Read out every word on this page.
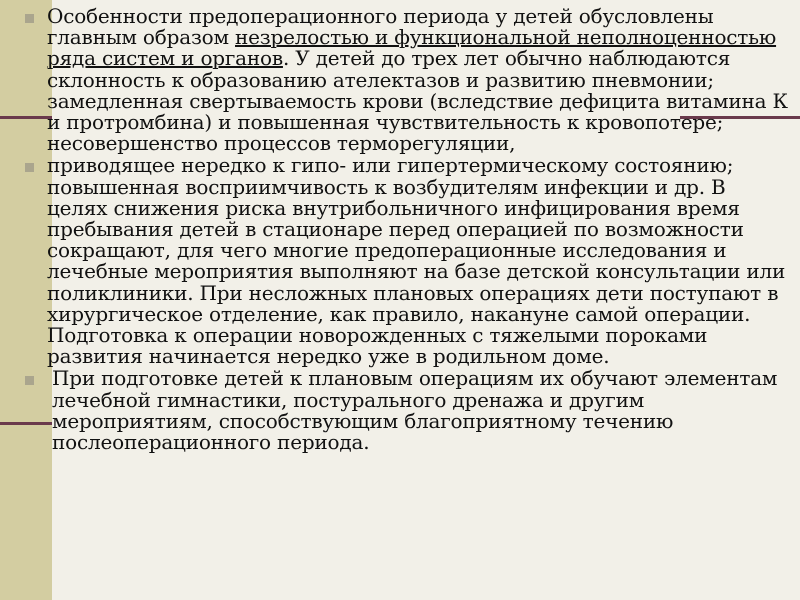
Особенности предоперационного периода у детей обусловлены главным образом незрелостью и функциональной неполноценностью ряда систем и органов. У детей до трех лет обычно наблюдаются склонность к образованию ателектазов и развитию пневмонии; замедленная свертываемость крови (вследствие дефицита витамина К и протромбина) и повышенная чувствительность к кровопотере; несовершенство процессов терморегуляции,
приводящее нередко к гипо- или гипертермическому состоянию; повышенная восприимчивость к возбудителям инфекции и др. В целях снижения риска внутрибольничного инфицирования время пребывания детей в стационаре перед операцией по возможности сокращают, для чего многие предоперационные исследования и лечебные мероприятия выполняют на базе детской консультации или поликлиники. При несложных плановых операциях дети поступают в хирургическое отделение, как правило, накануне самой операции. Подготовка к операции новорожденных с тяжелыми пороками развития начинается нередко уже в родильном доме.
При подготовке детей к плановым операциям их обучают элементам лечебной гимнастики, постурального дренажа и другим мероприятиям, способствующим благоприятному течению послеоперационного периода.
